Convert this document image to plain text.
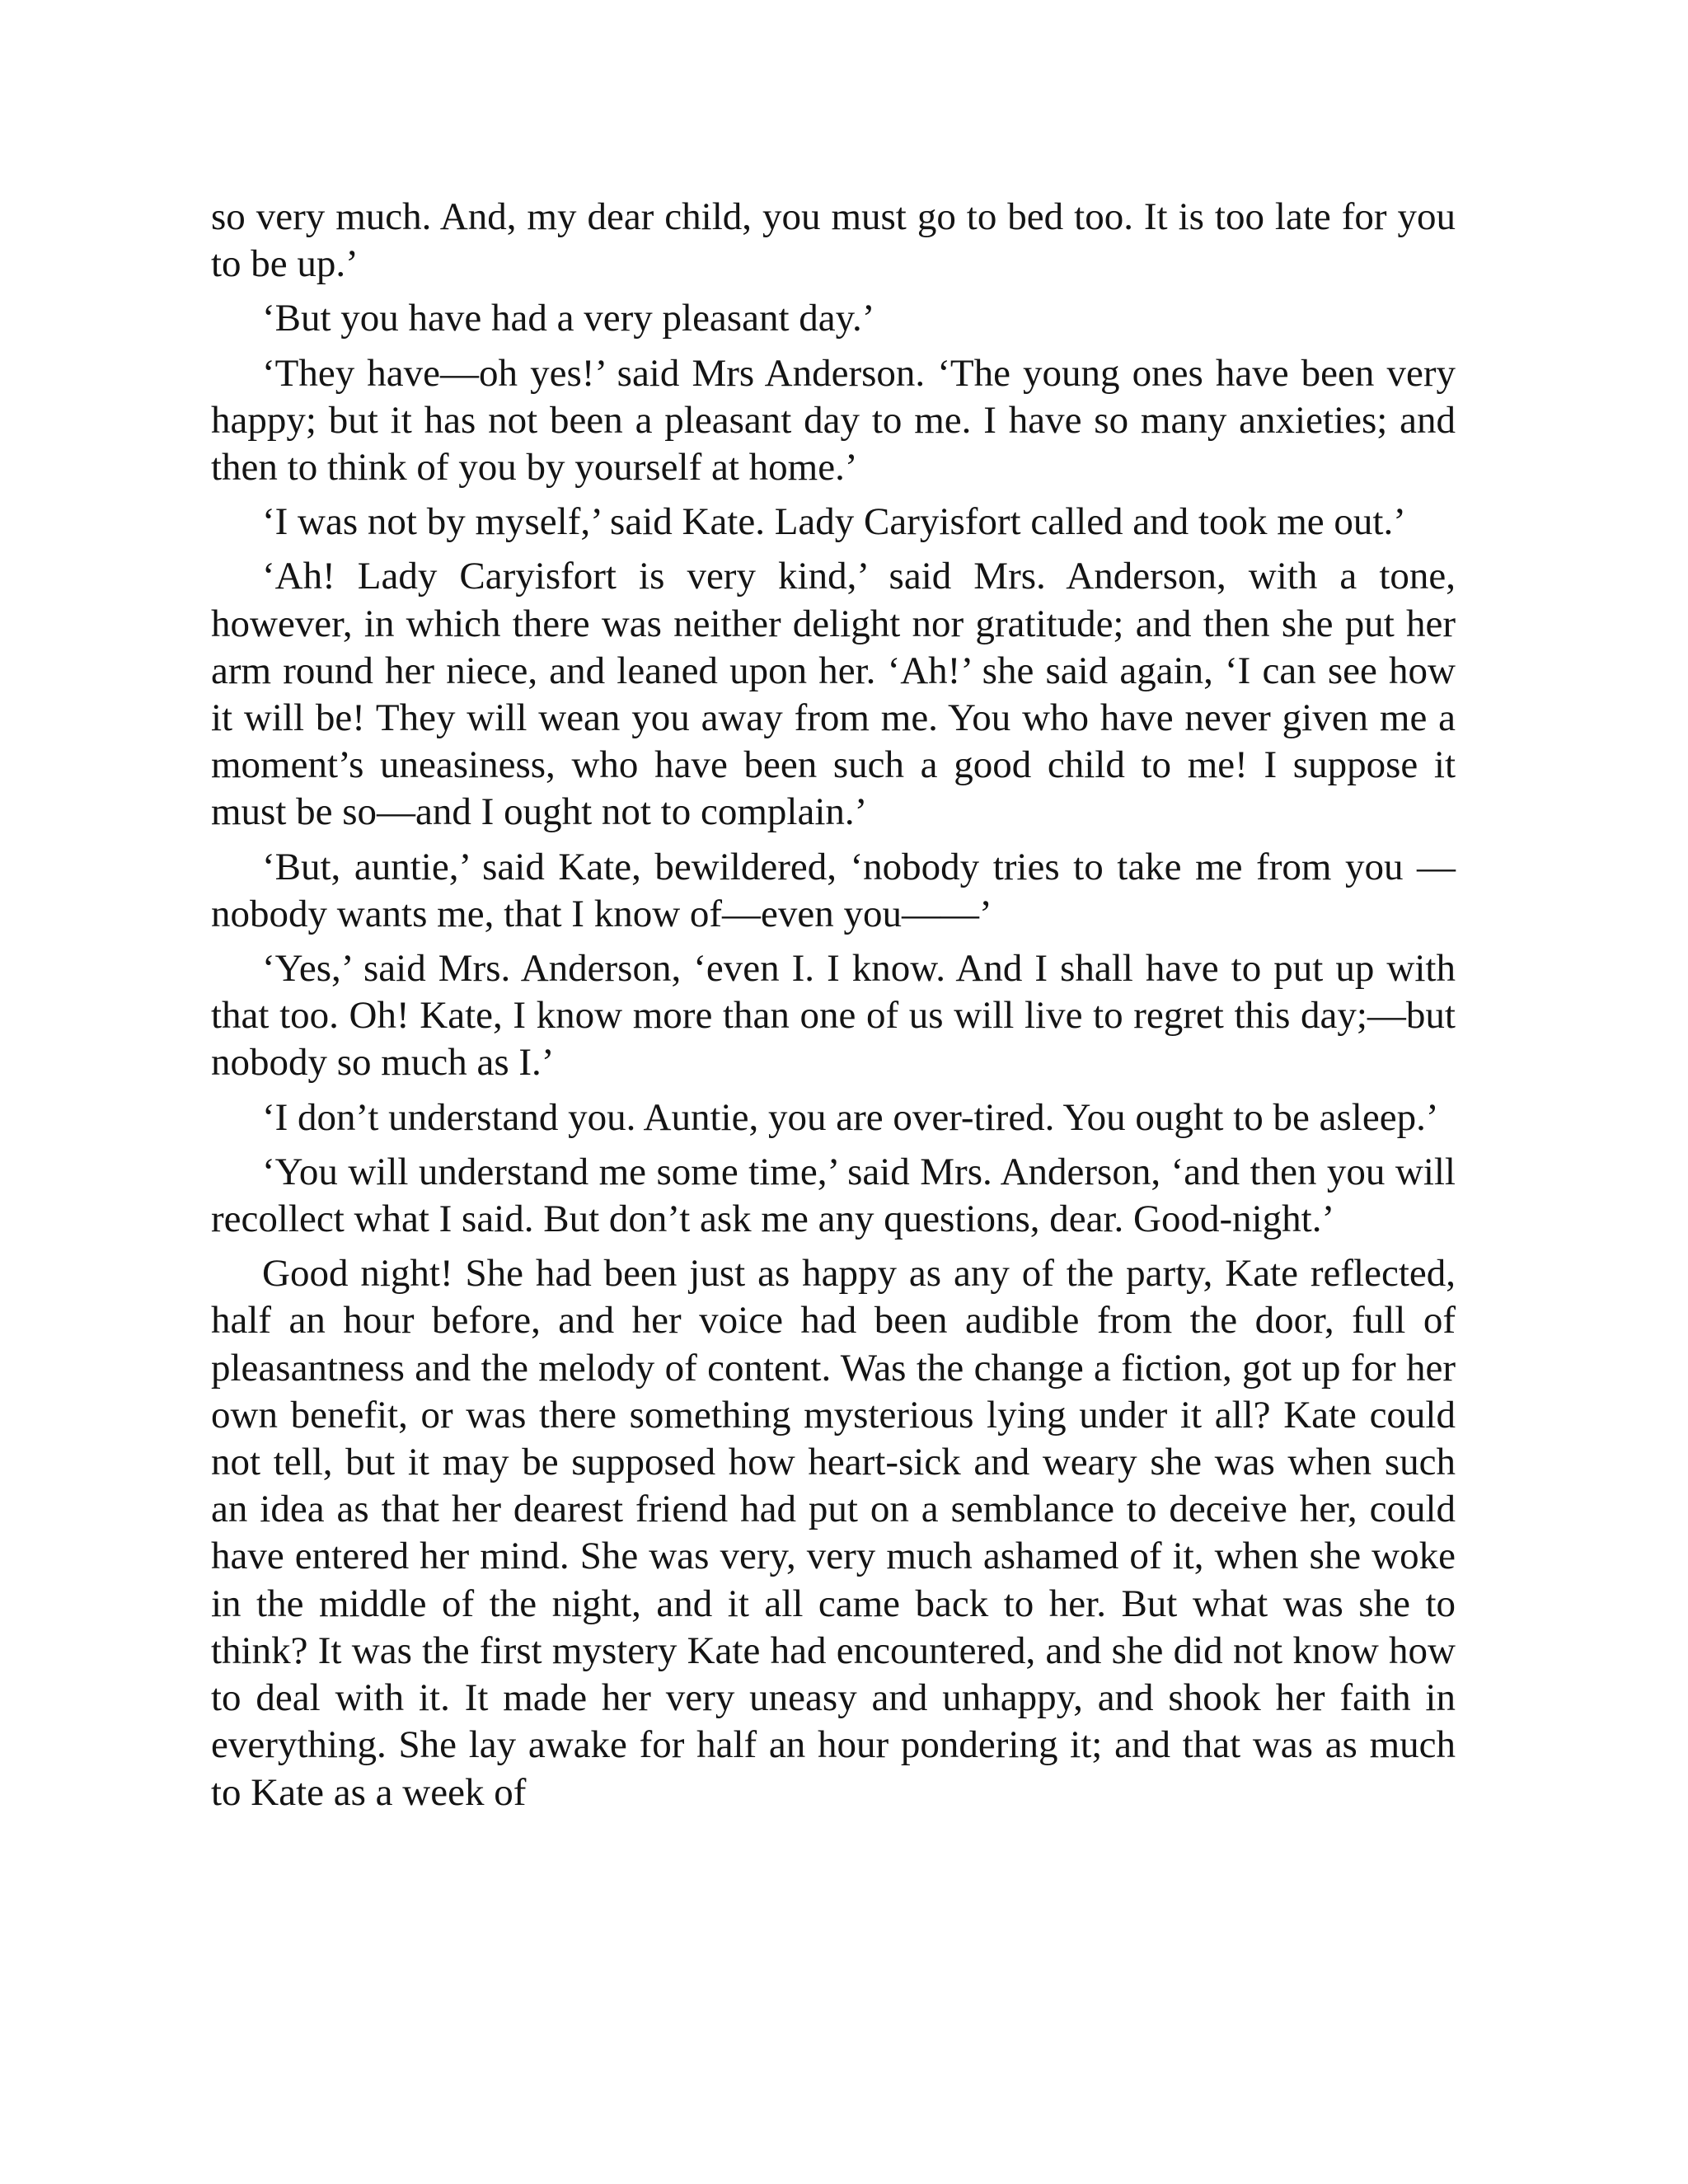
so very much. And, my dear child, you must go to bed too. It is too late for you to be up.’

‘But you have had a very pleasant day.’

‘They have—oh yes!’ said Mrs Anderson. ‘The young ones have been very happy; but it has not been a pleasant day to me. I have so many anxieties; and then to think of you by yourself at home.’

‘I was not by myself,’ said Kate. Lady Caryisfort called and took me out.’

‘Ah! Lady Caryisfort is very kind,’ said Mrs. Anderson, with a tone, however, in which there was neither delight nor gratitude; and then she put her arm round her niece, and leaned upon her. ‘Ah!’ she said again, ‘I can see how it will be! They will wean you away from me. You who have never given me a moment’s uneasiness, who have been such a good child to me! I suppose it must be so—and I ought not to complain.’

‘But, auntie,’ said Kate, bewildered, ‘nobody tries to take me from you —nobody wants me, that I know of—even you——’

‘Yes,’ said Mrs. Anderson, ‘even I. I know. And I shall have to put up with that too. Oh! Kate, I know more than one of us will live to regret this day;—but nobody so much as I.’

‘I don’t understand you. Auntie, you are over-tired. You ought to be asleep.’

‘You will understand me some time,’ said Mrs. Anderson, ‘and then you will recollect what I said. But don’t ask me any questions, dear. Good-night.’

Good night! She had been just as happy as any of the party, Kate reflected, half an hour before, and her voice had been audible from the door, full of pleasantness and the melody of content. Was the change a fiction, got up for her own benefit, or was there something mysterious lying under it all? Kate could not tell, but it may be supposed how heart-sick and weary she was when such an idea as that her dearest friend had put on a semblance to deceive her, could have entered her mind. She was very, very much ashamed of it, when she woke in the middle of the night, and it all came back to her. But what was she to think? It was the first mystery Kate had encountered, and she did not know how to deal with it. It made her very uneasy and unhappy, and shook her faith in everything. She lay awake for half an hour pondering it; and that was as much to Kate as a week of
